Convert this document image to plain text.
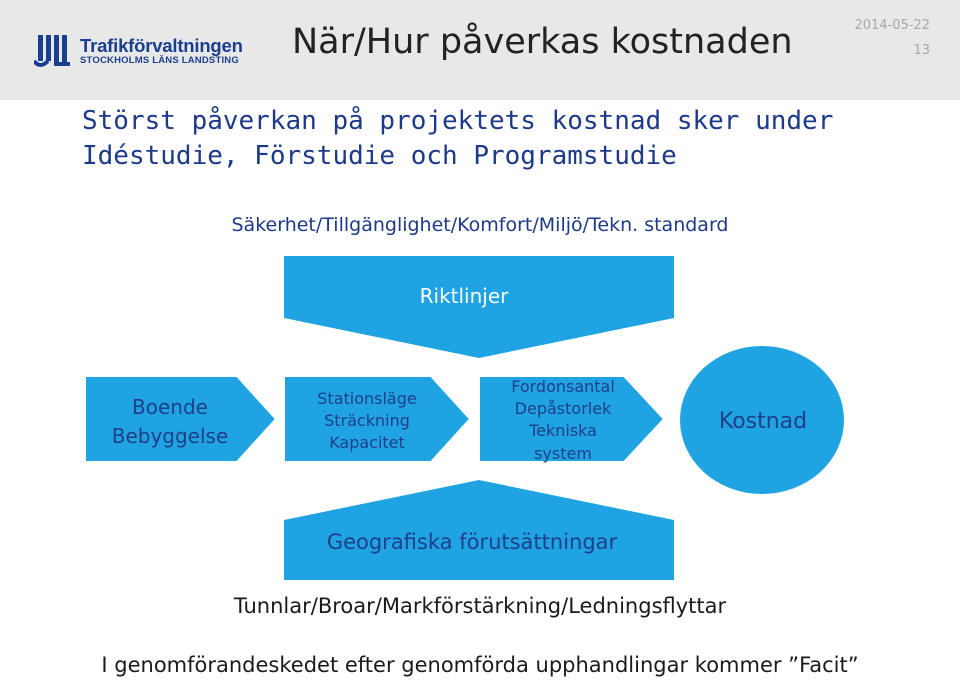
Trafikförvaltningen
STOCKHOLMS LÄNS LANDSTING När/Hur påverkas kostnaden	2014-05-22
13
Störst påverkan på projektets kostnad sker under
Idéstudie, Förstudie och Programstudie
Säkerhet/Tillgänglighet/Komfort/Miljö/Tekn. standard
Riktlinjer
Boende
Bebyggelse
Stationsläge
Sträckning
Kapacitet
Fordonsantal
Depåstorlek
Tekniska
system
Kostnad
Geografiska förutsättningar
Tunnlar/Broar/Markförstärkning/Ledningsflyttar
I genomförandeskedet efter genomförda upphandlingar kommer ”Facit”
